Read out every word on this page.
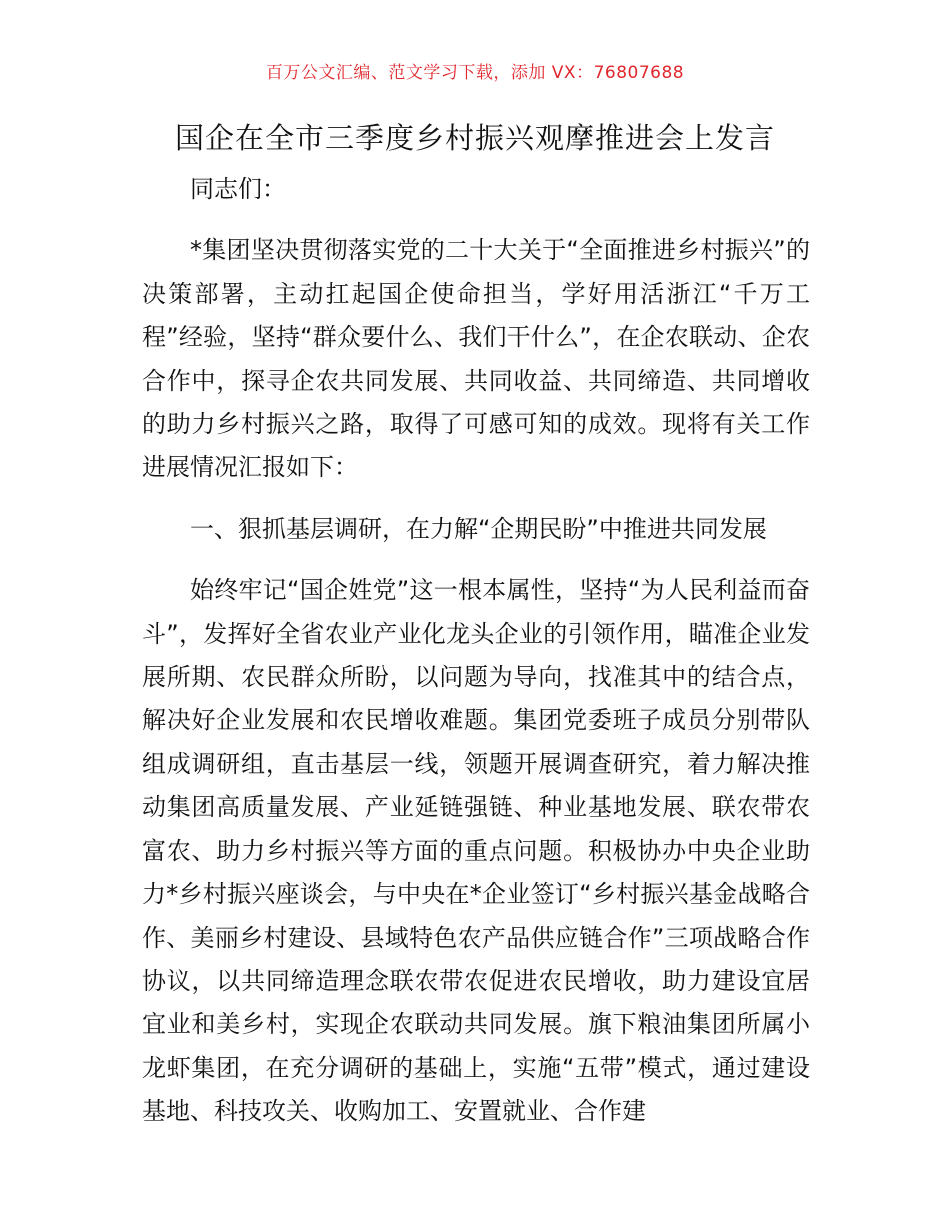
百万公文汇编、范文学习下载，添加 VX：76807688
国企在全市三季度乡村振兴观摩推进会上发言

同志们：

*集团坚决贯彻落实党的二十大关于“全面推进乡村振兴”的决策部署，主动扛起国企使命担当，学好用活浙江“千万工程”经验，坚持“群众要什么、我们干什么”，在企农联动、企农合作中，探寻企农共同发展、共同收益、共同缔造、共同增收的助力乡村振兴之路，取得了可感可知的成效。现将有关工作进展情况汇报如下：

一、狠抓基层调研，在力解“企期民盼”中推进共同发展

始终牢记“国企姓党”这一根本属性，坚持“为人民利益而奋斗”，发挥好全省农业产业化龙头企业的引领作用，瞄准企业发展所期、农民群众所盼，以问题为导向，找准其中的结合点，解决好企业发展和农民增收难题。集团党委班子成员分别带队组成调研组，直击基层一线，领题开展调查研究，着力解决推动集团高质量发展、产业延链强链、种业基地发展、联农带农富农、助力乡村振兴等方面的重点问题。积极协办中央企业助力*乡村振兴座谈会，与中央在*企业签订“乡村振兴基金战略合作、美丽乡村建设、县域特色农产品供应链合作”三项战略合作协议，以共同缔造理念联农带农促进农民增收，助力建设宜居宜业和美乡村，实现企农联动共同发展。旗下粮油集团所属小龙虾集团，在充分调研的基础上，实施“五带”模式，通过建设基地、科技攻关、收购加工、安置就业、合作建
